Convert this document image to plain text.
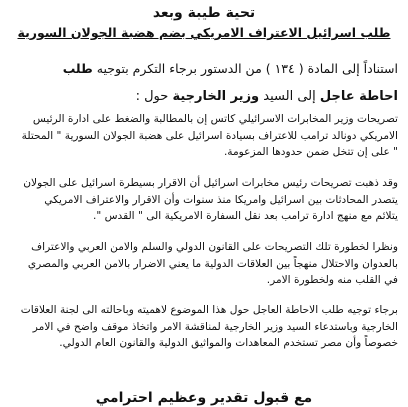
تحية طيبة وبعد
طلب اسرائيل الاعتراف الامريكي بضم هضبة الجولان السورية
استناداً إلى المادة ( ١٣٤ ) من الدستور برجاء التكرم بتوجيه طلب
احاطة عاجل إلى السيد وزير الخارجية حول :
تصريحات وزير المخابرات الاسرائيلي كاتس إن بالمطالبة والضغط على ادارة الرئيس
الامريكي دونالد ترامب للاعتراف بسيادة اسرائيل على هضبة الجولان السورية " المحتلة
" على إن تتخل ضمن حدودها المزعومة.
وقد ذهبت تصريحات رئيس مخابرات اسرائيل أن الاقرار بسيطرة اسرائيل على الجولان
يتصدر المحادثات بين اسرائيل وامريكا منذ سنوات وأن الاقرار والاعتراف الامريكي
يتلائم مع منهج ادارة ترامب بعد نقل السفارة الامريكية الى " القدس ".
ونظرا لخطورة تلك التصريحات على القانون الدولي والسلم والامن العربي والاعتراف
بالعدوان والاحتلال منهجاً بين العلاقات الدولية ما يعني الاضرار بالامن العربي والمصري
في القلب منه ولخطورة الامر.
برجاء توجيه طلب الاحاطة العاجل حول هذا الموضوع لاهميته وباحالته الى لجنة العلاقات
الخارجية وباستدعاء السيد وزير الخارجية لمناقشة الامر واتخاذ موقف واضح في الامر
خصوصاً وأن مصر تستخدم المعاهدات والمواثيق الدولية والقانون العام الدولي.
مع قبول تقدير وعظيم احترامي
